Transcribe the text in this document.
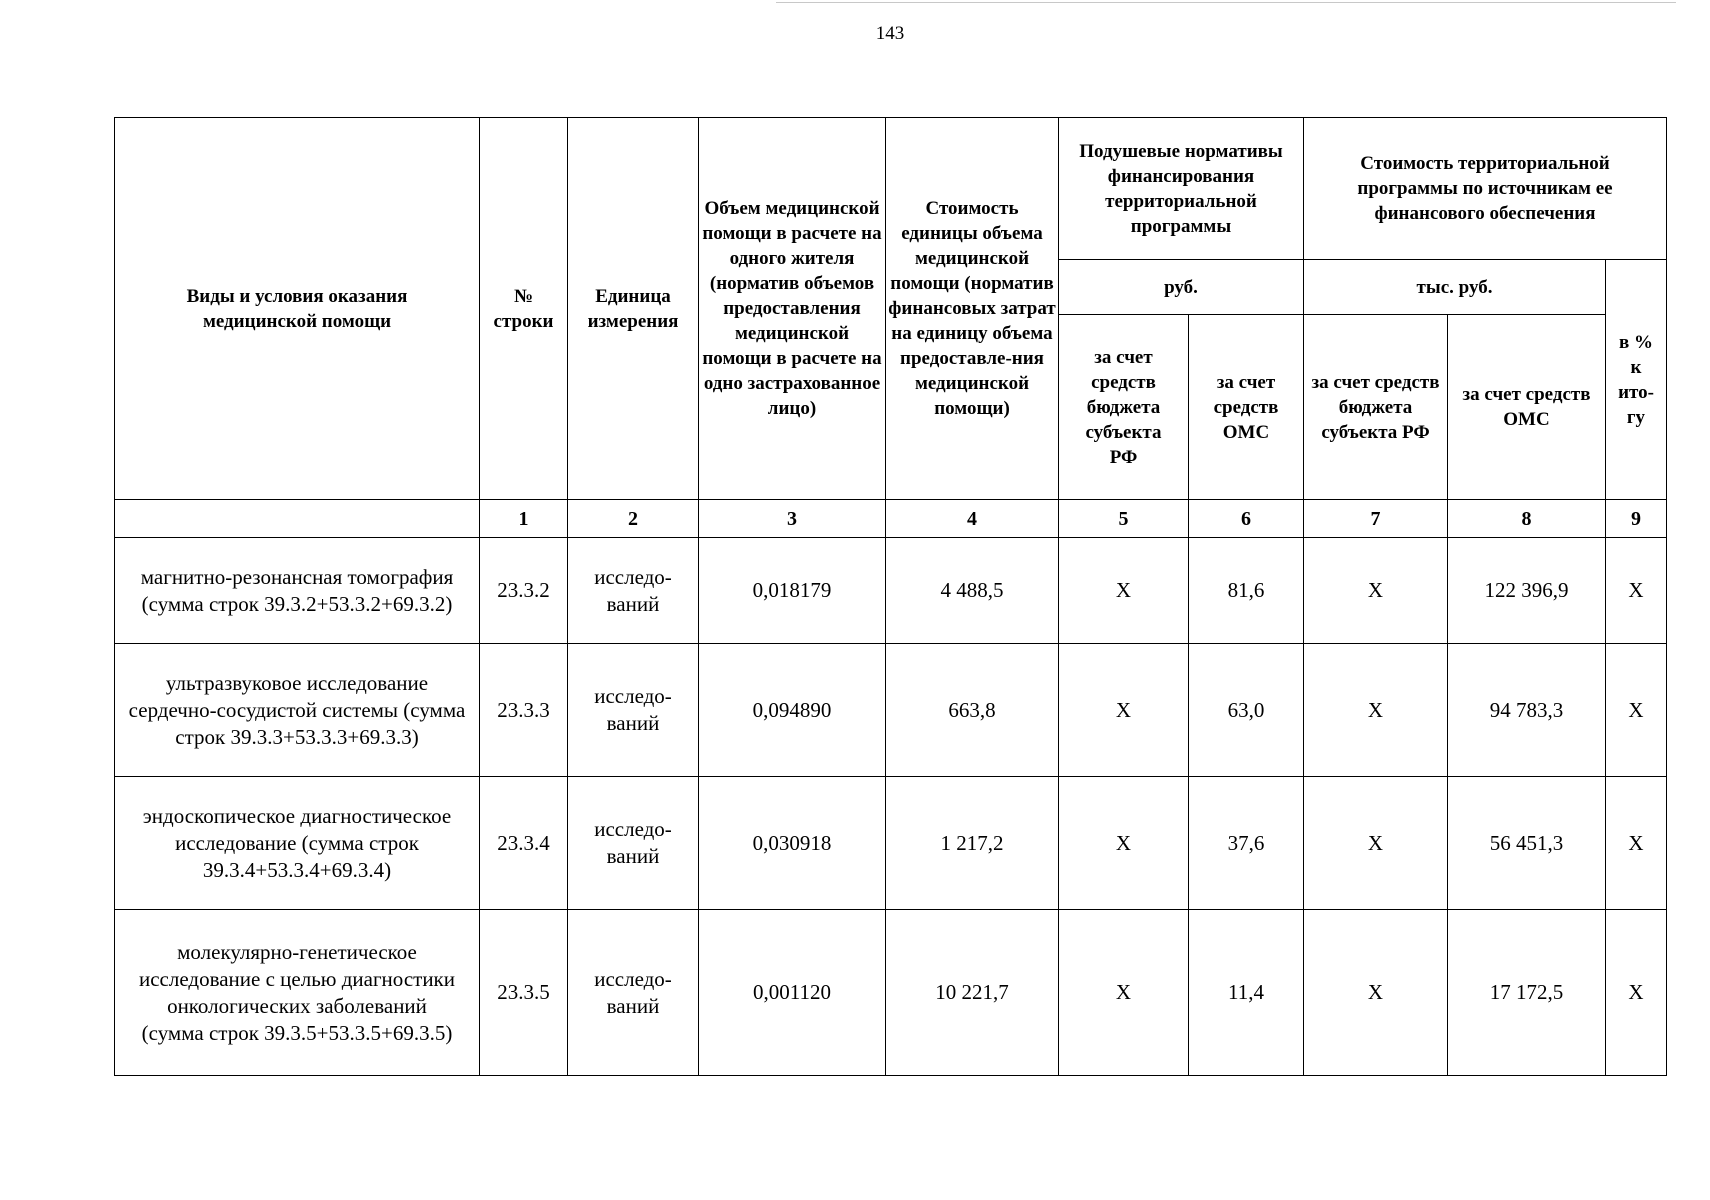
143
Виды и условия оказания медицинской помощи	№ строки	Единица измерения	Объем медицинской помощи в расчете на одного жителя (норматив объемов предоставления медицинской помощи в расчете на одно застрахованное лицо)	Стоимость единицы объема медицинской помощи (норматив финансовых затрат на единицу объема предоставле-ния медицинской помощи)	Подушевые нормативы финансирования территориальной программы		Стоимость территориальной программы по источникам ее финансового обеспечения		
					руб.		тыс. руб.		в % к ито-гу
					за счет средств бюджета субъекта РФ	за счет средств ОМС	за счет средств бюджета субъекта РФ	за счет средств ОМС	
	1	2	3	4	5	6	7	8	9
магнитно-резонансная томография (сумма строк 39.3.2+53.3.2+69.3.2)	23.3.2	исследо-ваний	0,018179	4 488,5	Х	81,6	Х	122 396,9	Х
ультразвуковое исследование сердечно-сосудистой системы (сумма строк 39.3.3+53.3.3+69.3.3)	23.3.3	исследо-ваний	0,094890	663,8	Х	63,0	Х	94 783,3	Х
эндоскопическое диагностическое исследование (сумма строк 39.3.4+53.3.4+69.3.4)	23.3.4	исследо-ваний	0,030918	1 217,2	Х	37,6	Х	56 451,3	Х
молекулярно-генетическое исследование с целью диагностики онкологических заболеваний (сумма строк 39.3.5+53.3.5+69.3.5)	23.3.5	исследо-ваний	0,001120	10 221,7	Х	11,4	Х	17 172,5	Х
